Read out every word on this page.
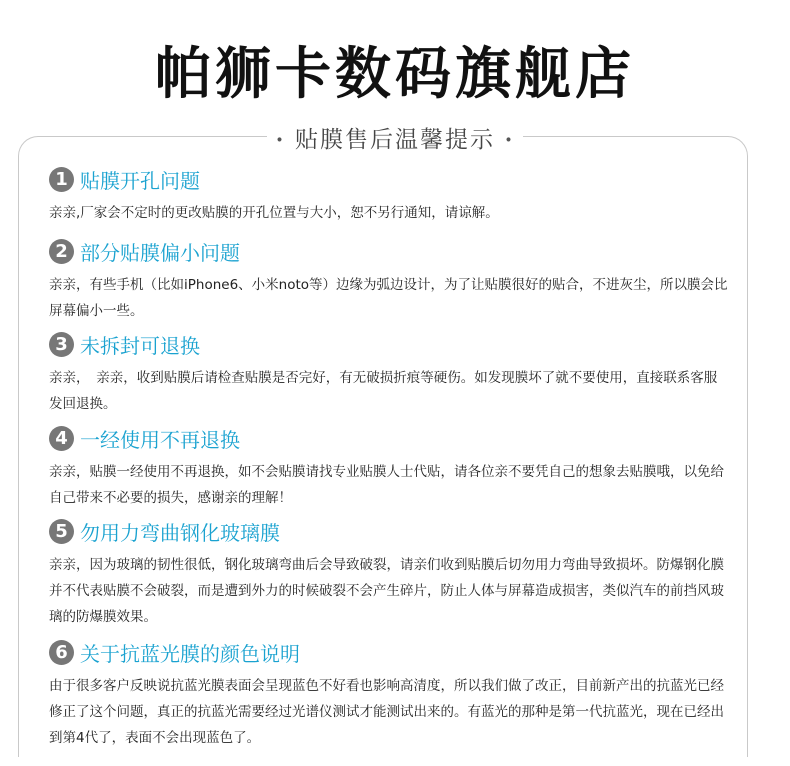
帕狮卡数码旗舰店
• 贴膜售后温馨提示 •
1 贴膜开孔问题
亲亲,厂家会不定时的更改贴膜的开孔位置与大小，恕不另行通知，请谅解。
2 部分贴膜偏小问题
亲亲，有些手机（比如iPhone6、小米noto等）边缘为弧边设计，为了让贴膜很好的贴合，不进灰尘，所以膜会比屏幕偏小一些。
3 未拆封可退换
亲亲，　亲亲，收到贴膜后请检查贴膜是否完好，有无破损折痕等硬伤。如发现膜坏了就不要使用，直接联系客服发回退换。
4 一经使用不再退换
亲亲，贴膜一经使用不再退换，如不会贴膜请找专业贴膜人士代贴，请各位亲不要凭自己的想象去贴膜哦，以免给自己带来不必要的损失，感谢亲的理解！
5 勿用力弯曲钢化玻璃膜
亲亲，因为玻璃的韧性很低，钢化玻璃弯曲后会导致破裂，请亲们收到贴膜后切勿用力弯曲导致损坏。防爆钢化膜并不代表贴膜不会破裂，而是遭到外力的时候破裂不会产生碎片，防止人体与屏幕造成损害，类似汽车的前挡风玻璃的防爆膜效果。
6 关于抗蓝光膜的颜色说明
由于很多客户反映说抗蓝光膜表面会呈现蓝色不好看也影响高清度，所以我们做了改正，目前新产出的抗蓝光已经修正了这个问题，真正的抗蓝光需要经过光谱仪测试才能测试出来的。有蓝光的那种是第一代抗蓝光，现在已经出到第4代了，表面不会出现蓝色了。
